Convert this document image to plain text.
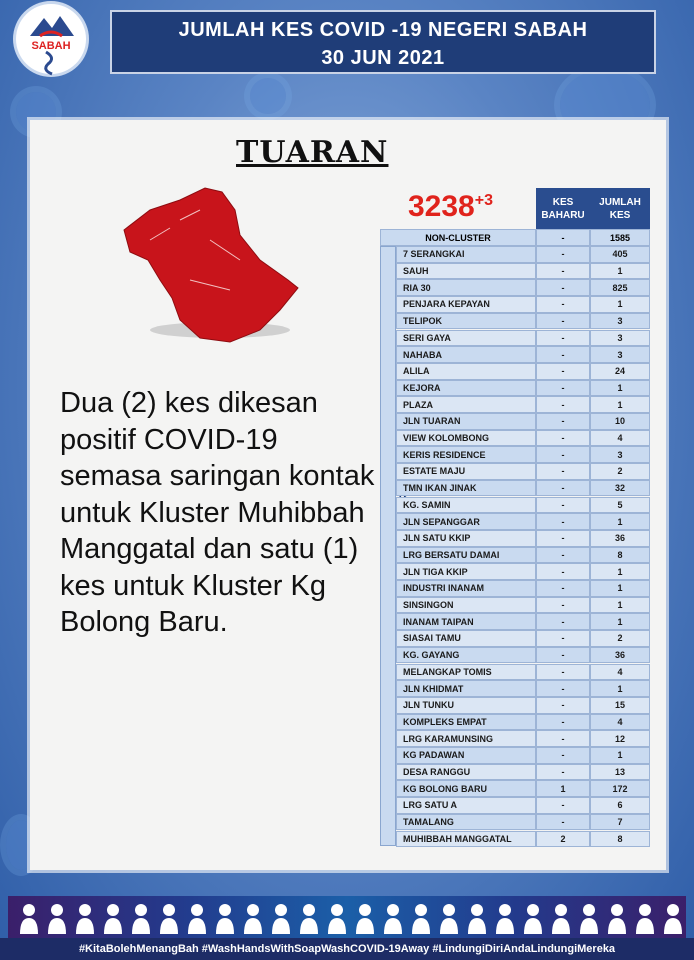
SABAH
JUMLAH KES COVID -19 NEGERI SABAH
30 JUN 2021
TUARAN
Dua (2) kes dikesan positif COVID-19 semasa saringan kontak untuk Kluster Muhibbah Manggatal dan satu (1) kes untuk Kluster Kg Bolong Baru.
$3238^{+3}$	KES BAHARU
JUMLAH KES
NON-CLUSTER	-	1585
7 SERANGKAI	-	405
SAUH	-	1
RIA 30	-	825
PENJARA KEPAYAN	-	1
TELIPOK	-	3
SERI GAYA	-	3
NAHABA	-	3
ALILA	-	24
KEJORA	-	1
PLAZA	-	1
JLN TUARAN	-	10
VIEW KOLOMBONG	-	4
KERIS RESIDENCE	-	3
ESTATE MAJU	-	2
TMN IKAN JINAK	-	32
KG. SAMIN	-	5
JLN SEPANGGAR	-	1
JLN SATU KKIP	-	36
LRG BERSATU DAMAI	-	8
JLN TIGA KKIP	-	1
INDUSTRI INANAM	-	1
SINSINGON	-	1
INANAM TAIPAN	-	1
SIASAI TAMU	-	2
KG. GAYANG	-	36
MELANGKAP TOMIS	-	4
JLN KHIDMAT	-	1
JLN TUNKU	-	15
KOMPLEKS EMPAT	-	4
LRG KARAMUNSING	-	12
KG PADAWAN	-	1
DESA RANGGU	-	13
KG BOLONG BARU	1	172
LRG SATU A	-	6
TAMALANG	-	7
MUHIBBAH MANGGATAL	2	8
#KitaBolehMenangBah #WashHandsWithSoapWashCOVID-19Away #LindungiDiriAndaLindungiMereka
